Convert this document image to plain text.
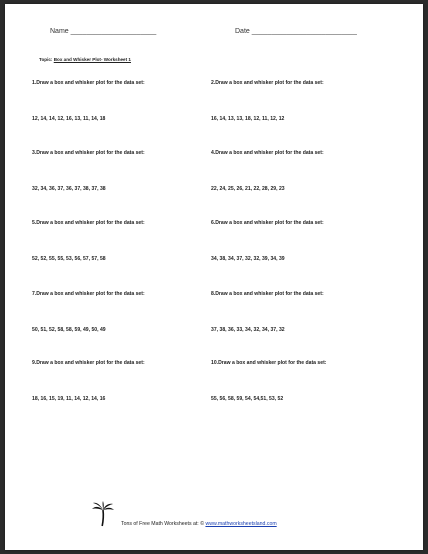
Name ______________________	Date ___________________________
Topic: Box and Whisker Plot- Worksheet 1
1.Draw a box and whisker plot for the data set:
12, 14, 14, 12, 16, 13, 11, 14, 18
2.Draw a box and whisker plot for the data set:
16, 14, 13, 13, 18, 12, 11, 12, 12
3.Draw a box and whisker plot for the data set:
32, 34, 36, 37, 36, 37, 38, 37, 38
4.Draw a box and whisker plot for the data set:
22, 24, 25, 26, 21, 22, 28, 29, 23
5.Draw a box and whisker plot for the data set:
52, 52, 55, 55, 53, 56, 57, 57, 58
6.Draw a box and whisker plot for the data set:
34, 38, 34, 37, 32, 32, 39, 34, 39
7.Draw a box and whisker plot for the data set:
50, 51, 52, 58, 58, 59, 49, 50, 49
8.Draw a box and whisker plot for the data set:
37, 38, 36, 33, 34, 32, 34, 37, 32
9.Draw a box and whisker plot for the data set:
18, 16, 15, 19, 11, 14, 12, 14, 16
10.Draw a box and whisker plot for the data set:
55, 56, 58, 59, 54, 54,51, 53, 52
Tons of Free Math Worksheets at: © www.mathworksheetsland.com
